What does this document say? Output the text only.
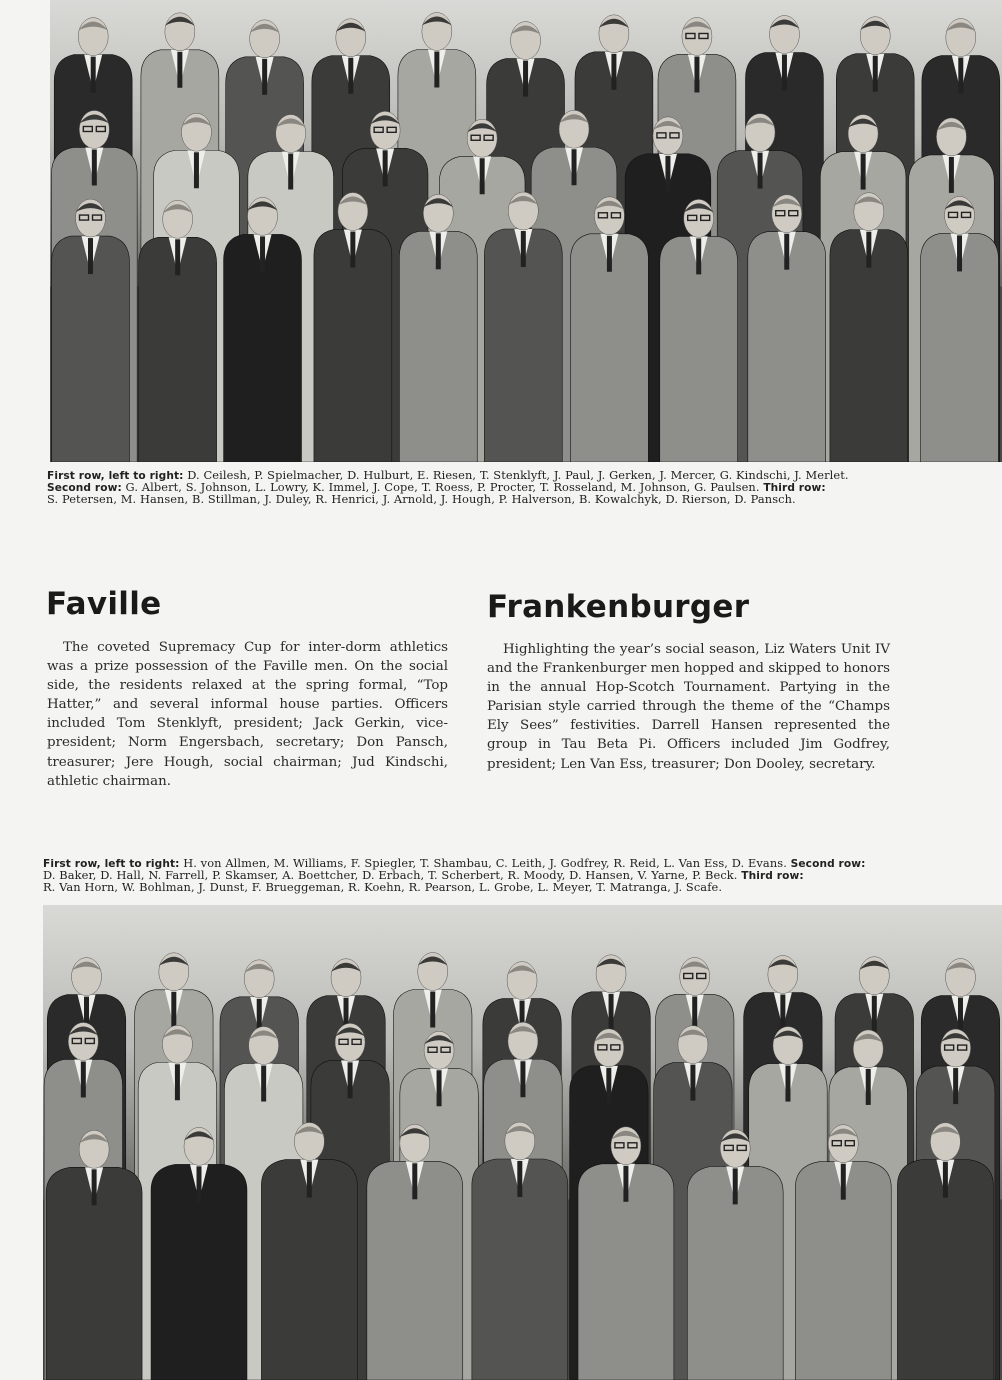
First row, left to right: D. Ceilesh, P. Spielmacher, D. Hulburt, E. Riesen, T. Stenklyft, J. Paul, J. Gerken, J. Mercer, G. Kindschi, J. Merlet.
Second row: G. Albert, S. Johnson, L. Lowry, K. Immel, J. Cope, T. Roess, P. Procter, T. Rosseland, M. Johnson, G. Paulsen. Third row:
S. Petersen, M. Hansen, B. Stillman, J. Duley, R. Henrici, J. Arnold, J. Hough, P. Halverson, B. Kowalchyk, D. Rierson, D. Pansch.
Faville

The coveted Supremacy Cup for inter-dorm athletics was a prize possession of the Faville men. On the social side, the residents relaxed at the spring formal, “Top Hatter,” and several informal house parties. Officers included Tom Stenklyft, president; Jack Gerkin, vice-president; Norm Engersbach, secretary; Don Pansch, treasurer; Jere Hough, social chairman; Jud Kindschi, athletic chairman.

Frankenburger

Highlighting the year’s social season, Liz Waters Unit IV and the Frankenburger men hopped and skipped to honors in the annual Hop-Scotch Tournament. Partying in the Parisian style carried through the theme of the “Champs Ely Sees” festivities. Darrell Hansen represented the group in Tau Beta Pi. Officers included Jim Godfrey, president; Len Van Ess, treasurer; Don Dooley, secretary.

First row, left to right: H. von Allmen, M. Williams, F. Spiegler, T. Shambau, C. Leith, J. Godfrey, R. Reid, L. Van Ess, D. Evans. Second row:
D. Baker, D. Hall, N. Farrell, P. Skamser, A. Boettcher, D. Erbach, T. Scherbert, R. Moody, D. Hansen, V. Yarne, P. Beck. Third row:
R. Van Horn, W. Bohlman, J. Dunst, F. Brueggeman, R. Koehn, R. Pearson, L. Grobe, L. Meyer, T. Matranga, J. Scafe.
